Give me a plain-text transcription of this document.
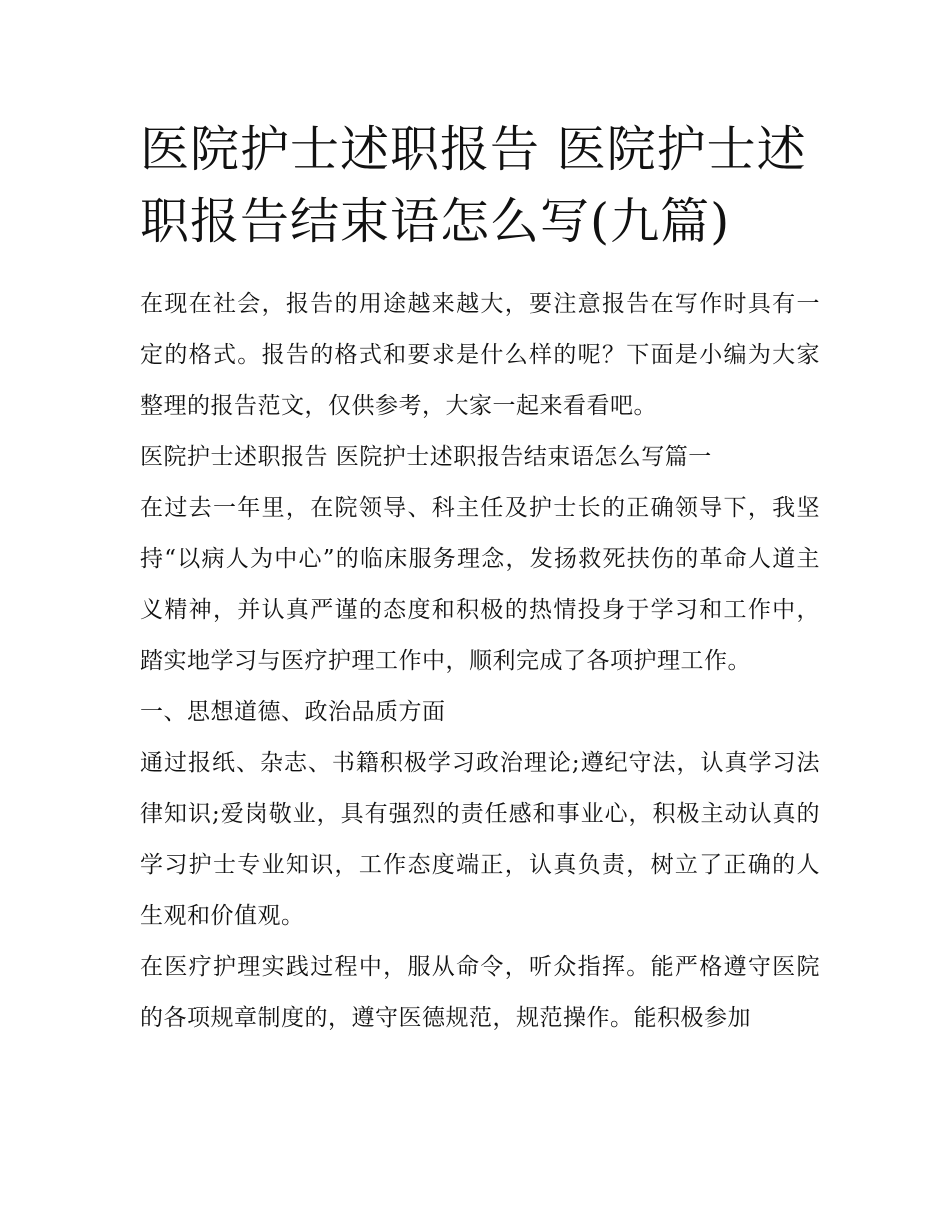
医院护士述职报告 医院护士述职报告结束语怎么写(九篇)

在现在社会，报告的用途越来越大，要注意报告在写作时具有一定的格式。报告的格式和要求是什么样的呢？下面是小编为大家整理的报告范文，仅供参考，大家一起来看看吧。

医院护士述职报告 医院护士述职报告结束语怎么写篇一

在过去一年里，在院领导、科主任及护士长的正确领导下，我坚持“以病人为中心”的临床服务理念，发扬救死扶伤的革命人道主义精神，并认真严谨的态度和积极的热情投身于学习和工作中，踏实地学习与医疗护理工作中，顺利完成了各项护理工作。

一、思想道德、政治品质方面

通过报纸、杂志、书籍积极学习政治理论;遵纪守法，认真学习法律知识;爱岗敬业，具有强烈的责任感和事业心，积极主动认真的学习护士专业知识，工作态度端正，认真负责，树立了正确的人生观和价值观。

在医疗护理实践过程中，服从命令，听众指挥。能严格遵守医院的各项规章制度的，遵守医德规范，规范操作。能积极参加
